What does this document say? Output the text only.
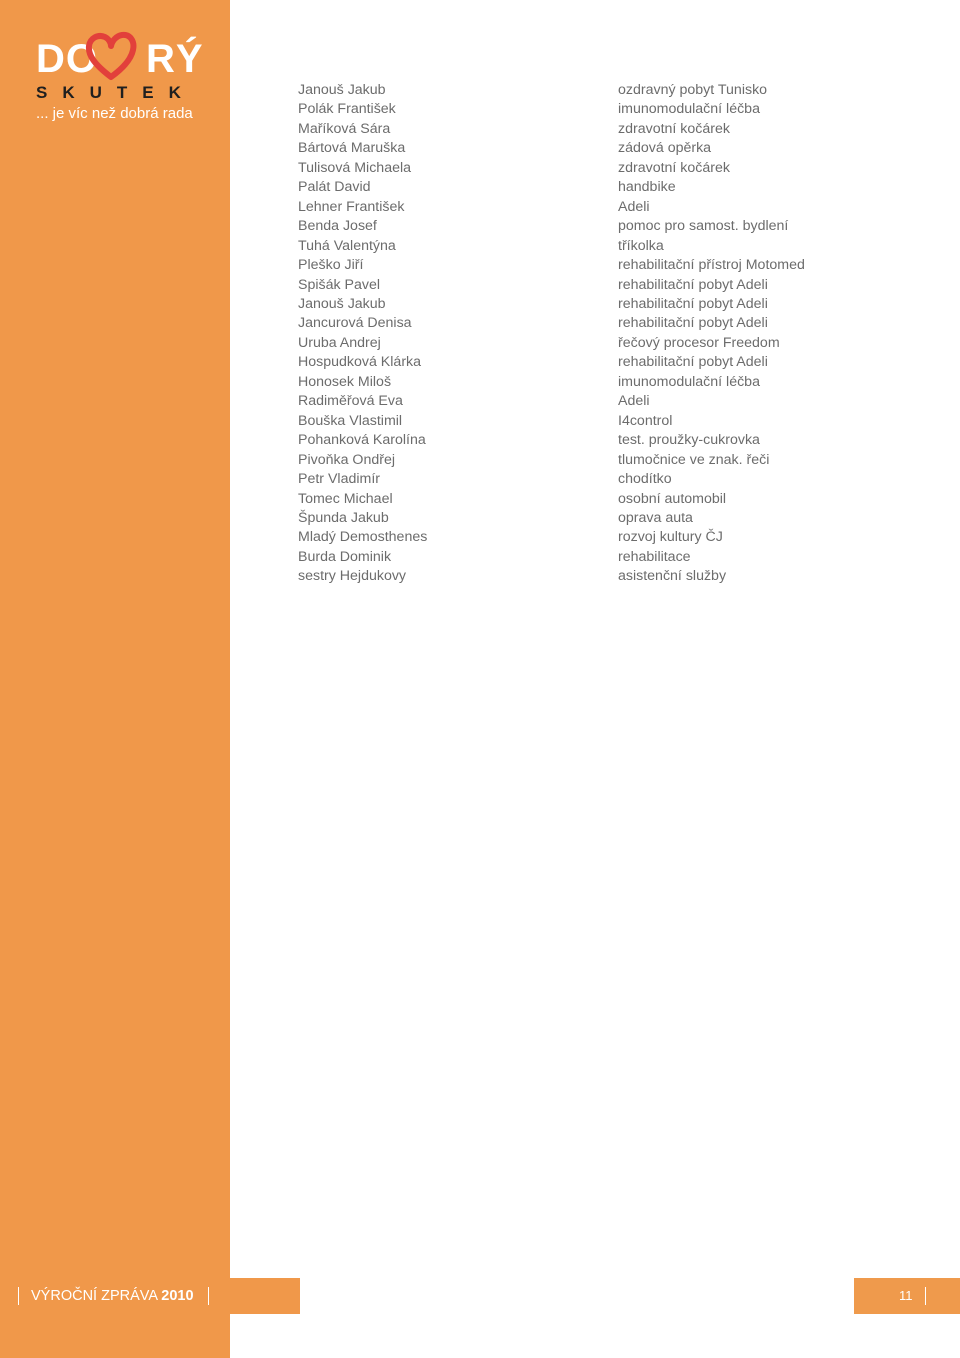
DO RÝ
SKUTEK
... je víc než dobrá rada
Janouš Jakub
Polák František
Maříková Sára
Bártová Maruška
Tulisová Michaela
Palát David
Lehner František
Benda Josef
Tuhá Valentýna
Pleško Jiří
Spišák Pavel
Janouš Jakub
Jancurová Denisa
Uruba Andrej
Hospudková Klárka
Honosek Miloš
Radiměřová Eva
Bouška Vlastimil
Pohanková Karolína
Pivoňka Ondřej
Petr Vladimír
Tomec Michael
Špunda Jakub
Mladý Demosthenes
Burda Dominik
sestry Hejdukovy
ozdravný pobyt Tunisko
imunomodulační léčba
zdravotní kočárek
zádová opěrka
zdravotní kočárek
handbike
Adeli
pomoc pro samost. bydlení
tříkolka
rehabilitační přístroj Motomed
rehabilitační pobyt Adeli
rehabilitační pobyt Adeli
rehabilitační pobyt Adeli
řečový procesor Freedom
rehabilitační pobyt Adeli
imunomodulační léčba
Adeli
I4control
test. proužky-cukrovka
tlumočnice ve znak. řeči
chodítko
osobní automobil
oprava auta
rozvoj kultury ČJ
rehabilitace
asistenční služby
VÝROČNÍ ZPRÁVA 2010	11
